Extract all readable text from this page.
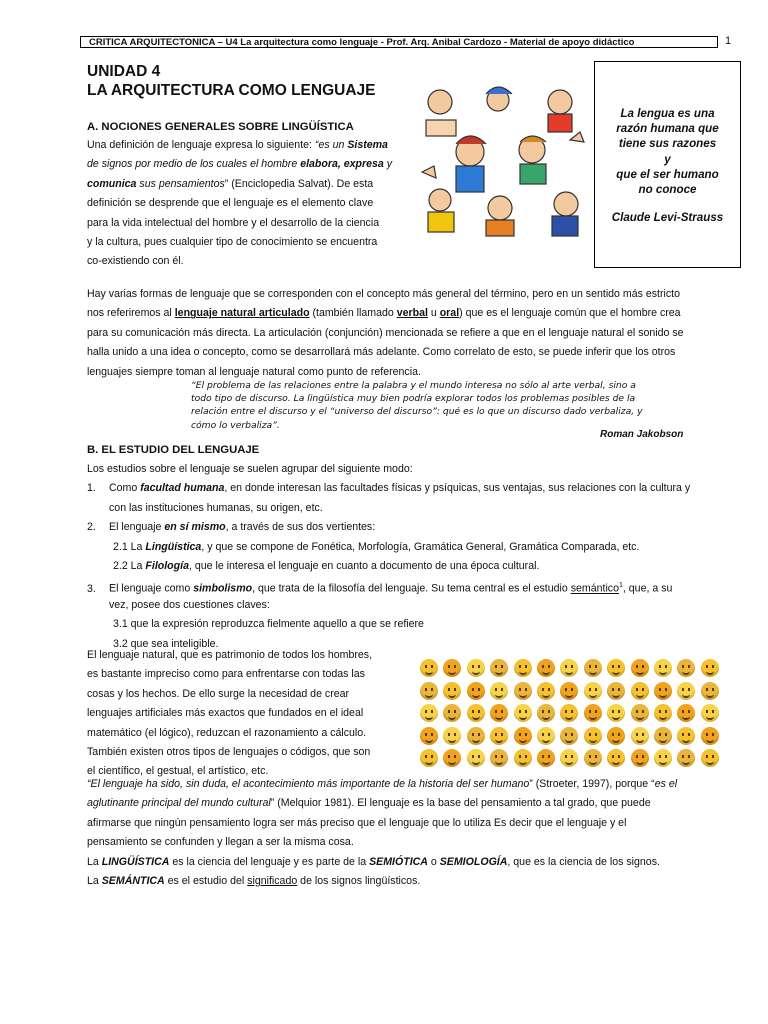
CRITICA ARQUITECTONICA – U4 La arquitectura como lenguaje - Prof. Arq. Anibal Cardozo - Material de apoyo didáctico	1
UNIDAD 4
LA ARQUITECTURA COMO LENGUAJE
A. NOCIONES GENERALES SOBRE LINGÜÍSTICA
Una definición de lenguaje expresa lo siguiente: “es un Sistema
de signos por medio de los cuales el hombre elabora, expresa y
comunica sus pensamientos” (Enciclopedia Salvat). De esta
definición se desprende que el lenguaje es el elemento clave
para la vida intelectual del hombre y el desarrollo de la ciencia
y la cultura, pues cualquier tipo de conocimiento se encuentra
co-existiendo con él.
La lengua es una
razón humana que
tiene sus razones
y
que el ser humano
no conoce
Claude Levi-Strauss
Hay varias formas de lenguaje que se corresponden con el concepto más general del término, pero en un sentido más estricto
nos referiremos al lenguaje natural articulado (también llamado verbal u oral) que es el lenguaje común que el hombre crea
para su comunicación más directa. La articulación (conjunción) mencionada se refiere a que en el lenguaje natural el sonido se
halla unido a una idea o concepto, como se desarrollará más adelante. Como correlato de esto, se puede inferir que los otros
lenguajes siempre toman al lenguaje natural como punto de referencia.
“El problema de las relaciones entre la palabra y el mundo interesa no sólo al arte verbal, sino a
todo tipo de discurso. La lingüística muy bien podría explorar todos los problemas posibles de la
relación entre el discurso y el “universo del discurso”: qué es lo que un discurso dado verbaliza, y
cómo lo verbaliza”.
Roman Jakobson
B. EL ESTUDIO DEL LENGUAJE
Los estudios sobre el lenguaje se suelen agrupar del siguiente modo:
1. Como facultad humana, en donde interesan las facultades físicas y psíquicas, sus ventajas, sus relaciones con la cultura y
con las instituciones humanas, su origen, etc.
2. El lenguaje en sí mismo, a través de sus dos vertientes:
2.1 La Lingüística, y que se compone de Fonética, Morfología, Gramática General, Gramática Comparada, etc.
2.2 La Filología, que le interesa el lenguaje en cuanto a documento de una época cultural.
3. El lenguaje como simbolismo, que trata de la filosofía del lenguaje. Su tema central es el estudio semántico$^1$, que, a su
vez, posee dos cuestiones claves:
3.1 que la expresión reproduzca fielmente aquello a que se refiere
3.2 que sea inteligible.
El lenguaje natural, que es patrimonio de todos los hombres,
es bastante impreciso como para enfrentarse con todas las
cosas y los hechos. De ello surge la necesidad de crear
lenguajes artificiales más exactos que fundados en el ideal
matemático (el lógico), reduzcan el razonamiento a cálculo.
También existen otros tipos de lenguajes o códigos, que son
el científico, el gestual, el artístico, etc.
“El lenguaje ha sido, sin duda, el acontecimiento más importante de la historia del ser humano” (Stroeter, 1997), porque “es el
aglutinante principal del mundo cultural” (Melquior 1981). El lenguaje es la base del pensamiento a tal grado, que puede
afirmarse que ningún pensamiento logra ser más preciso que el lenguaje que lo utiliza Es decir que el lenguaje y el
pensamiento se confunden y llegan a ser la misma cosa.
La LINGÜÍSTICA es la ciencia del lenguaje y es parte de la SEMIÓTICA o SEMIOLOGÍA, que es la ciencia de los signos.
La SEMÁNTICA es el estudio del significado de los signos lingüísticos.
